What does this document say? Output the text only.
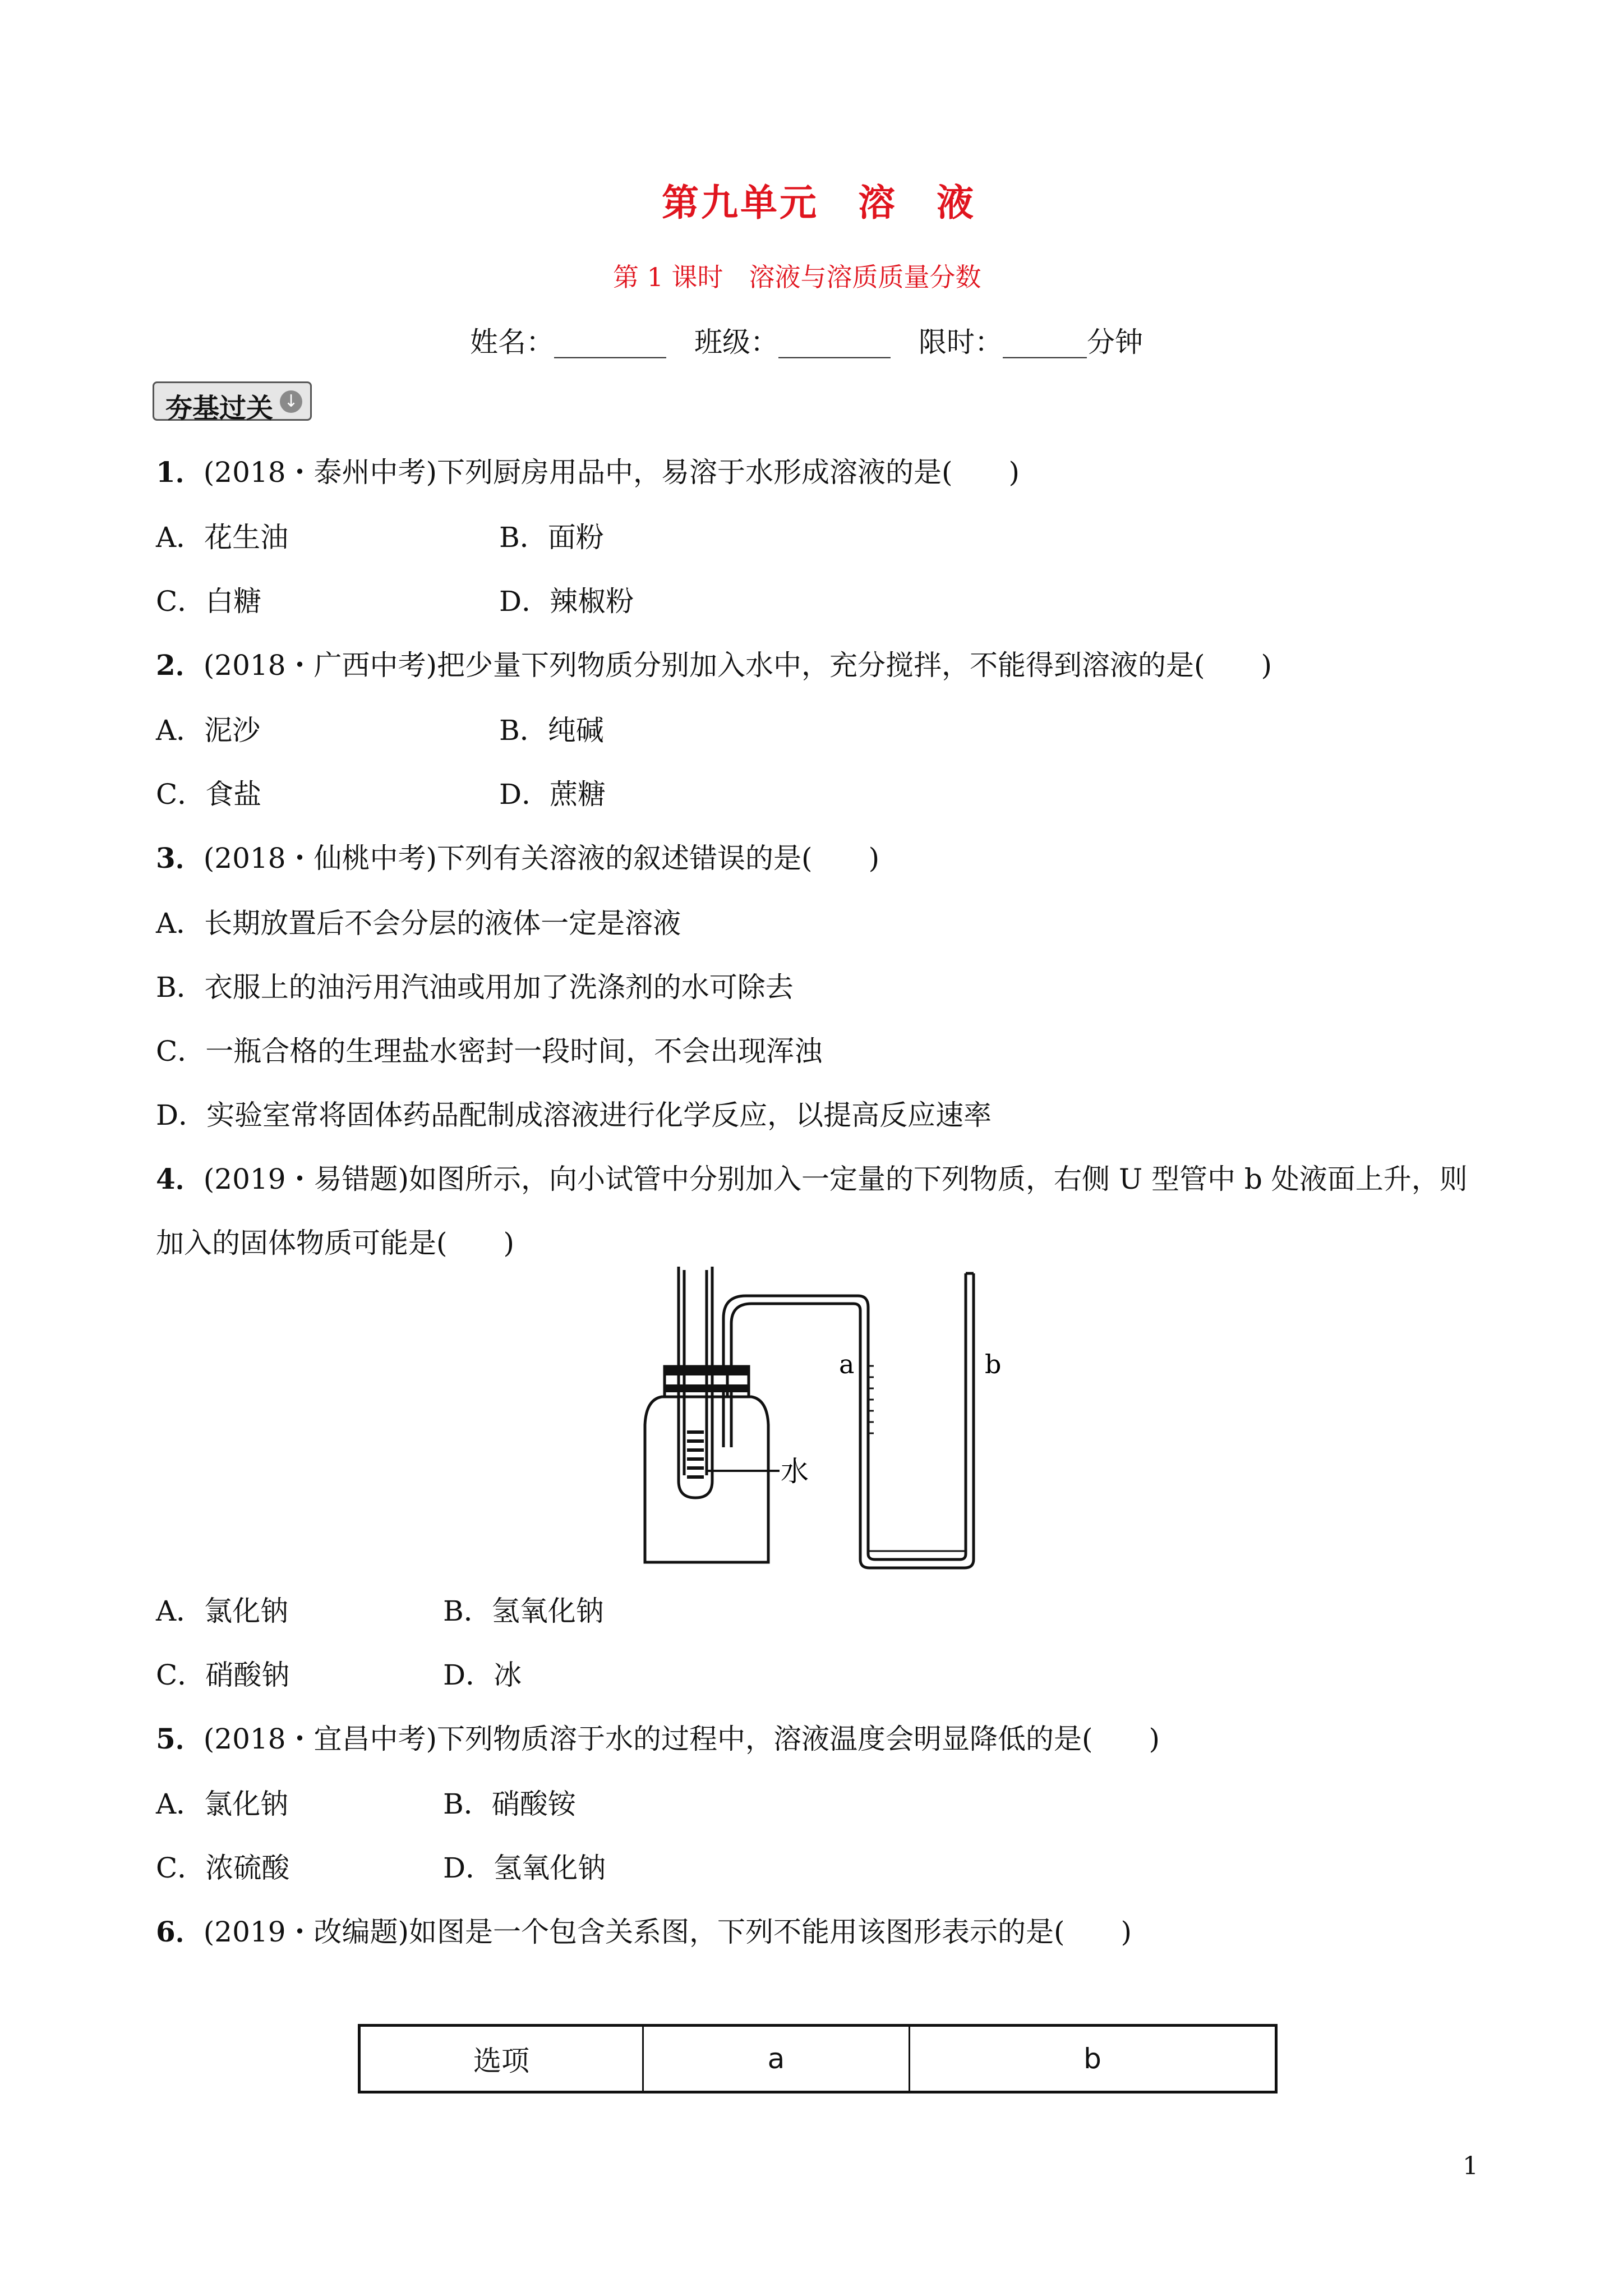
第九单元　溶　液
第 1 课时　溶液与溶质质量分数
姓名：________　班级：________　限时：______分钟
夯基过关 ↓
1．(2018・泰州中考)下列厨房用品中，易溶于水形成溶液的是(　　)
A．花生油	B．面粉
C．白糖	D．辣椒粉
2．(2018・广西中考)把少量下列物质分别加入水中，充分搅拌，不能得到溶液的是(　　)
A．泥沙	B．纯碱
C．食盐	D．蔗糖
3．(2018・仙桃中考)下列有关溶液的叙述错误的是(　　)
A．长期放置后不会分层的液体一定是溶液
B．衣服上的油污用汽油或用加了洗涤剂的水可除去
C．一瓶合格的生理盐水密封一段时间，不会出现浑浊
D．实验室常将固体药品配制成溶液进行化学反应，以提高反应速率
4．(2019・易错题)如图所示，向小试管中分别加入一定量的下列物质，右侧 U 型管中 b 处液面上升，则
加入的固体物质可能是(　　)
a	b
水
A．氯化钠	B．氢氧化钠
C．硝酸钠	D．冰
5．(2018・宜昌中考)下列物质溶于水的过程中，溶液温度会明显降低的是(　　)
A．氯化钠	B．硝酸铵
C．浓硫酸	D．氢氧化钠
6．(2019・改编题)如图是一个包含关系图，下列不能用该图形表示的是(　　)
选项	a	b
1
